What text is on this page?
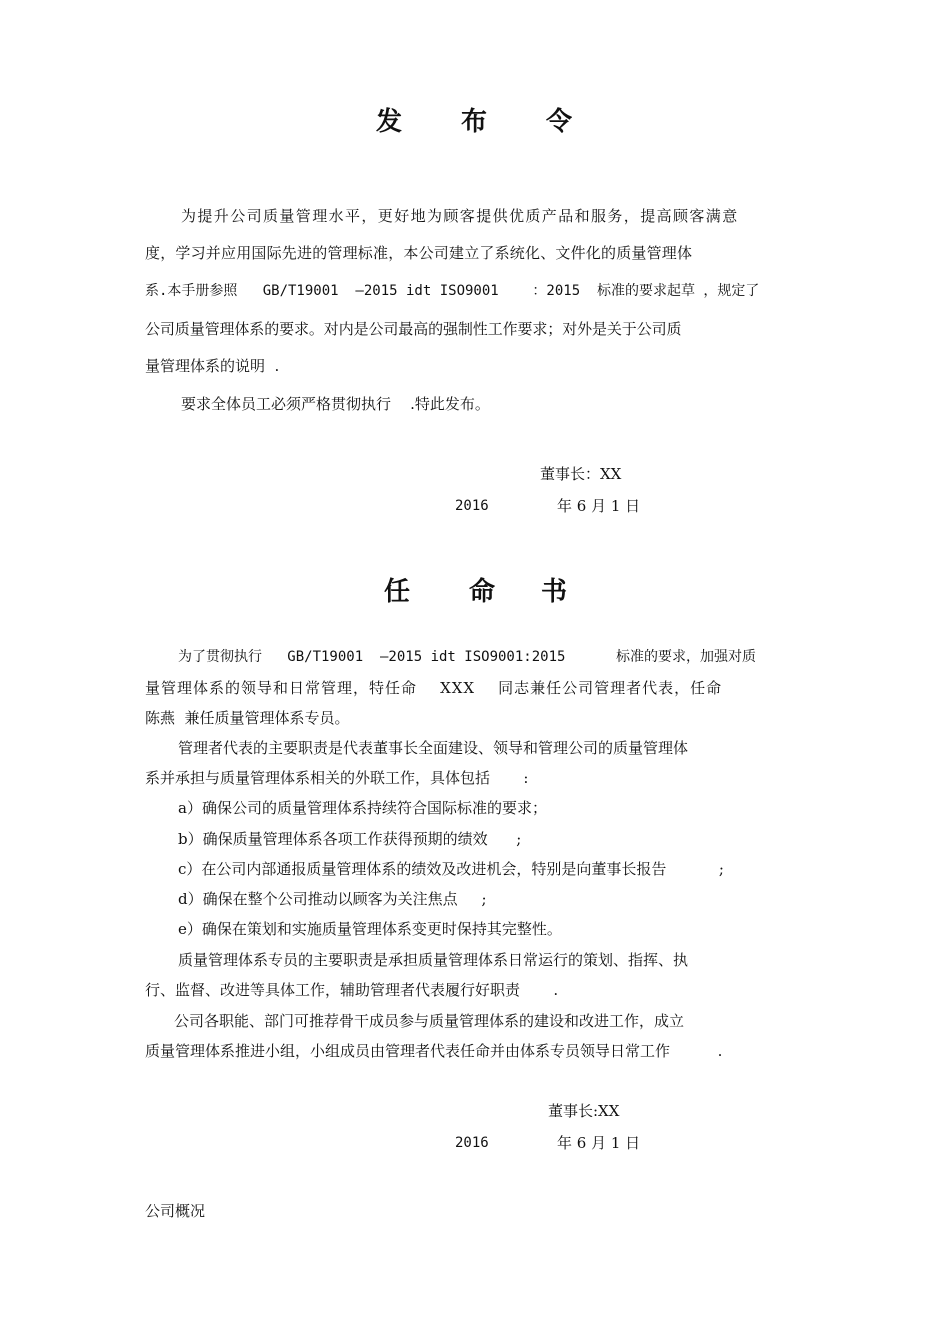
发 布 令
为提升公司质量管理水平，更好地为顾客提供优质产品和服务，提高顾客满意
度，学习并应用国际先进的管理标准，本公司建立了系统化、文件化的质量管理体
系.本手册参照   GB/T19001  —2015 idt ISO9001    ：2015  标准的要求起草 ，规定了
公司质量管理体系的要求。对内是公司最高的强制性工作要求；对外是关于公司质
量管理体系的说明  .
要求全体员工必须严格贯彻执行    .特此发布。
董事长：XX
2016	年 6 月 1 日
任 命 书
为了贯彻执行   GB/T19001  —2015 idt ISO9001:2015      标准的要求，加强对质
量管理体系的领导和日常管理，特任命    XXX    同志兼任公司管理者代表，任命
陈燕  兼任质量管理体系专员。
管理者代表的主要职责是代表董事长全面建设、领导和管理公司的质量管理体
系并承担与质量管理体系相关的外联工作，具体包括       :
a）确保公司的质量管理体系持续符合国际标准的要求；
b）确保质量管理体系各项工作获得预期的绩效      ;
c）在公司内部通报质量管理体系的绩效及改进机会，特别是向董事长报告           ;
d）确保在整个公司推动以顾客为关注焦点     ;
e）确保在策划和实施质量管理体系变更时保持其完整性。
质量管理体系专员的主要职责是承担质量管理体系日常运行的策划、指挥、执
行、监督、改进等具体工作，辅助管理者代表履行好职责       .
公司各职能、部门可推荐骨干成员参与质量管理体系的建设和改进工作，成立
质量管理体系推进小组，小组成员由管理者代表任命并由体系专员领导日常工作          .
董事长:XX
2016	年 6 月 1 日
公司概况
